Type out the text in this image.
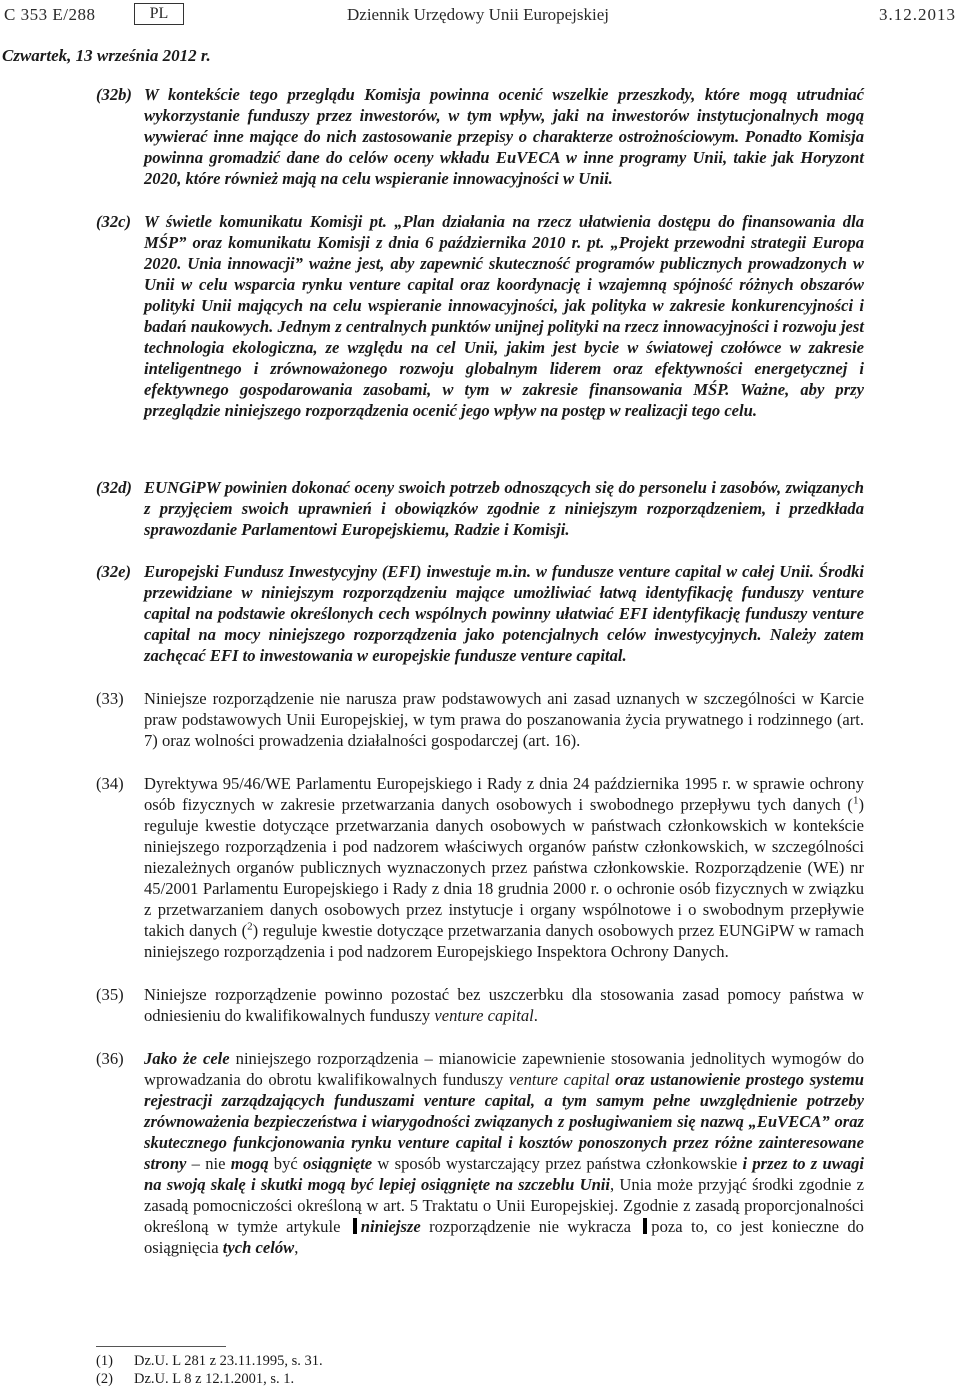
C 353 E/288	PL	Dziennik Urzędowy Unii Europejskiej	3.12.2013
Czwartek, 13 września 2012 r.
(32b) W kontekście tego przeglądu Komisja powinna ocenić wszelkie przeszkody, które mogą utrudniać wykorzystanie funduszy przez inwestorów, w tym wpływ, jaki na inwestorów instytucjonalnych mogą wywierać inne mające do nich zastosowanie przepisy o charakterze ostrożnościowym. Ponadto Komisja powinna gromadzić dane do celów oceny wkładu EuVECA w inne programy Unii, takie jak Horyzont 2020, które również mają na celu wspieranie innowacyjności w Unii.
(32c) W świetle komunikatu Komisji pt. „Plan działania na rzecz ułatwienia dostępu do finansowania dla MŚP” oraz komunikatu Komisji z dnia 6 października 2010 r. pt. „Projekt przewodni strategii Europa 2020. Unia innowacji” ważne jest, aby zapewnić skuteczność programów publicznych prowadzonych w Unii w celu wsparcia rynku venture capital oraz koordynację i wzajemną spójność różnych obszarów polityki Unii mających na celu wspieranie innowacyjności, jak polityka w zakresie konkurencyjności i badań naukowych. Jednym z centralnych punktów unijnej polityki na rzecz innowacyjności i rozwoju jest technologia ekologiczna, ze względu na cel Unii, jakim jest bycie w światowej czołówce w zakresie inteligentnego i zrównoważonego rozwoju globalnym liderem oraz efektywności energetycznej i efektywnego gospodarowania zasobami, w tym w zakresie finansowania MŚP. Ważne, aby przy przeglądzie niniejszego rozporządzenia ocenić jego wpływ na postęp w realizacji tego celu.
(32d) EUNGiPW powinien dokonać oceny swoich potrzeb odnoszących się do personelu i zasobów, związanych z przyjęciem swoich uprawnień i obowiązków zgodnie z niniejszym rozporządzeniem, i przedkłada sprawozdanie Parlamentowi Europejskiemu, Radzie i Komisji.
(32e) Europejski Fundusz Inwestycyjny (EFI) inwestuje m.in. w fundusze venture capital w całej Unii. Środki przewidziane w niniejszym rozporządzeniu mające umożliwiać łatwą identyfikację funduszy venture capital na podstawie określonych cech wspólnych powinny ułatwiać EFI identyfikację funduszy venture capital na mocy niniejszego rozporządzenia jako potencjalnych celów inwestycyjnych. Należy zatem zachęcać EFI to inwestowania w europejskie fundusze venture capital.
(33) Niniejsze rozporządzenie nie narusza praw podstawowych ani zasad uznanych w szczególności w Karcie praw podstawowych Unii Europejskiej, w tym prawa do poszanowania życia prywatnego i rodzinnego (art. 7) oraz wolności prowadzenia działalności gospodarczej (art. 16).
(34) Dyrektywa 95/46/WE Parlamentu Europejskiego i Rady z dnia 24 października 1995 r. w sprawie ochrony osób fizycznych w zakresie przetwarzania danych osobowych i swobodnego przepływu tych danych ($^1$) reguluje kwestie dotyczące przetwarzania danych osobowych w państwach członkowskich w kontekście niniejszego rozporządzenia i pod nadzorem właściwych organów państw członkowskich, w szczególności niezależnych organów publicznych wyznaczonych przez państwa członkowskie. Rozporządzenie (WE) nr 45/2001 Parlamentu Europejskiego i Rady z dnia 18 grudnia 2000 r. o ochronie osób fizycznych w związku z przetwarzaniem danych osobowych przez instytucje i organy wspólnotowe i o swobodnym przepływie takich danych ($^2$) reguluje kwestie dotyczące przetwarzania danych osobowych przez EUNGiPW w ramach niniejszego rozporządzenia i pod nadzorem Europejskiego Inspektora Ochrony Danych.
(35) Niniejsze rozporządzenie powinno pozostać bez uszczerbku dla stosowania zasad pomocy państwa w odniesieniu do kwalifikowalnych funduszy venture capital.
(36) Jako że cele niniejszego rozporządzenia – mianowicie zapewnienie stosowania jednolitych wymogów do wprowadzania do obrotu kwalifikowalnych funduszy venture capital oraz ustanowienie prostego systemu rejestracji zarządzających funduszami venture capital, a tym samym pełne uwzględnienie potrzeby zrównoważenia bezpieczeństwa i wiarygodności związanych z posługiwaniem się nazwą „EuVECA” oraz skutecznego funkcjonowania rynku venture capital i kosztów ponoszonych przez różne zainteresowane strony – nie mogą być osiągnięte w sposób wystarczający przez państwa członkowskie i przez to z uwagi na swoją skalę i skutki mogą być lepiej osiągnięte na szczeblu Unii, Unia może przyjąć środki zgodnie z zasadą pomocniczości określoną w art. 5 Traktatu o Unii Europejskiej. Zgodnie z zasadą proporcjonalności określoną w tymże artykule niniejsze rozporządzenie nie wykracza poza to, co jest konieczne do osiągnięcia tych celów,
(1) Dz.U. L 281 z 23.11.1995, s. 31.
(2) Dz.U. L 8 z 12.1.2001, s. 1.
